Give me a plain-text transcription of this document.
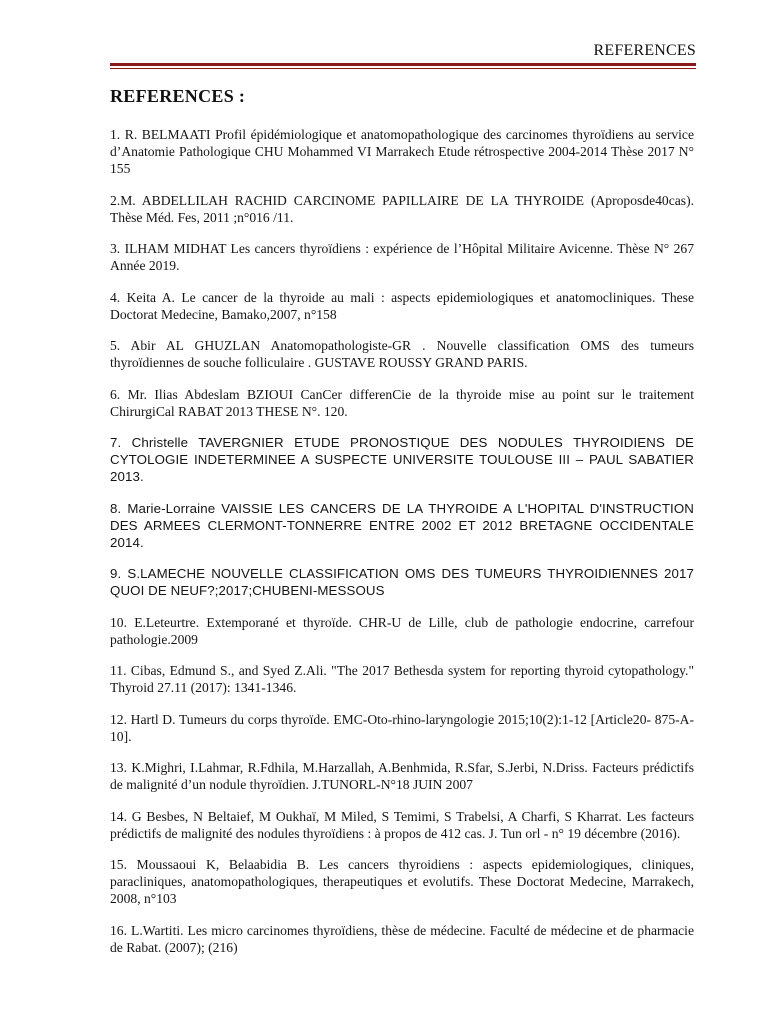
REFERENCES
REFERENCES :
1. R. BELMAATI Profil épidémiologique et anatomopathologique des carcinomes thyroïdiens au service d’Anatomie Pathologique CHU Mohammed VI Marrakech Etude rétrospective 2004-2014 Thèse 2017 N° 155
2.M. ABDELLILAH RACHID CARCINOME PAPILLAIRE DE LA THYROIDE (Aproposde40cas). Thèse Méd. Fes, 2011 ;n°016 /11.
3. ILHAM MIDHAT Les cancers thyroïdiens : expérience de l’Hôpital Militaire Avicenne. Thèse N° 267 Année 2019.
4. Keita A. Le cancer de la thyroide au mali : aspects epidemiologiques et anatomocliniques. These Doctorat Medecine, Bamako,2007, n°158
5. Abir AL GHUZLAN Anatomopathologiste-GR . Nouvelle classification OMS des tumeurs thyroïdiennes de souche folliculaire . GUSTAVE ROUSSY GRAND PARIS.
6. Mr. Ilias Abdeslam BZIOUI CanCer differenCie de la thyroide mise au point sur le traitement ChirurgiCal RABAT 2013 THESE N°. 120.
7. Christelle TAVERGNIER ETUDE PRONOSTIQUE DES NODULES THYROIDIENS DE CYTOLOGIE INDETERMINEE A SUSPECTE UNIVERSITE TOULOUSE III – PAUL SABATIER 2013.
8. Marie-Lorraine VAISSIE LES CANCERS DE LA THYROIDE A L'HOPITAL D'INSTRUCTION DES ARMEES CLERMONT-TONNERRE ENTRE 2002 ET 2012 BRETAGNE OCCIDENTALE 2014.
9. S.LAMECHE NOUVELLE CLASSIFICATION OMS DES TUMEURS THYROIDIENNES 2017 QUOI DE NEUF?;2017;CHUBENI-MESSOUS
10. E.Leteurtre. Extemporané et thyroïde. CHR-U de Lille, club de pathologie endocrine, carrefour pathologie.2009
11. Cibas, Edmund S., and Syed Z.Ali. "The 2017 Bethesda system for reporting thyroid cytopathology." Thyroid 27.11 (2017): 1341-1346.
12. Hartl D. Tumeurs du corps thyroïde. EMC-Oto-rhino-laryngologie 2015;10(2):1-12 [Article20- 875-A-10].
13. K.Mighri, I.Lahmar, R.Fdhila, M.Harzallah, A.Benhmida, R.Sfar, S.Jerbi, N.Driss. Facteurs prédictifs de malignité d’un nodule thyroïdien. J.TUNORL-N°18 JUIN 2007
14. G Besbes, N Beltaief, M Oukhaï, M Miled, S Temimi, S Trabelsi, A Charfi, S Kharrat. Les facteurs prédictifs de malignité des nodules thyroïdiens : à propos de 412 cas. J. Tun orl - n° 19 décembre (2016).
15. Moussaoui K, Belaabidia B. Les cancers thyroidiens : aspects epidemiologiques, cliniques, paracliniques, anatomopathologiques, therapeutiques et evolutifs. These Doctorat Medecine, Marrakech, 2008, n°103
16. L.Wartiti. Les micro carcinomes thyroïdiens, thèse de médecine. Faculté de médecine et de pharmacie de Rabat. (2007); (216)
